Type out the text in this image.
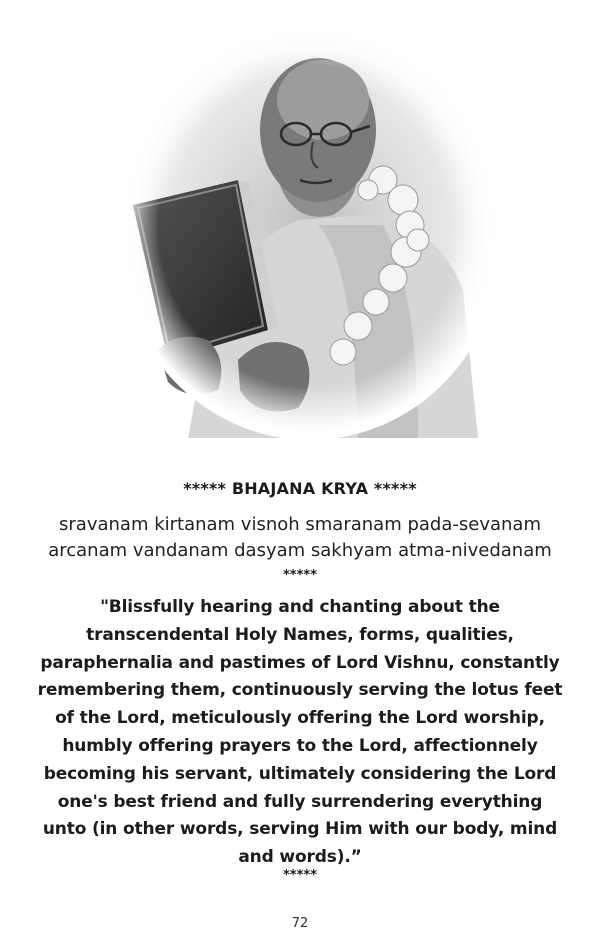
***** BHAJANA KRYA *****
sravanam kirtanam visnoh smaranam pada-sevanam
arcanam vandanam dasyam sakhyam atma-nivedanam
*****
"Blissfully hearing and chanting about the
transcendental Holy Names, forms, qualities,
paraphernalia and pastimes of Lord Vishnu, constantly
remembering them, continuously serving the lotus feet
of the Lord, meticulously offering the Lord worship,
humbly offering prayers to the Lord, affectionnely
becoming his servant, ultimately considering the Lord
one's best friend and fully surrendering everything
unto (in other words, serving Him with our body, mind
and words).”
*****
72
